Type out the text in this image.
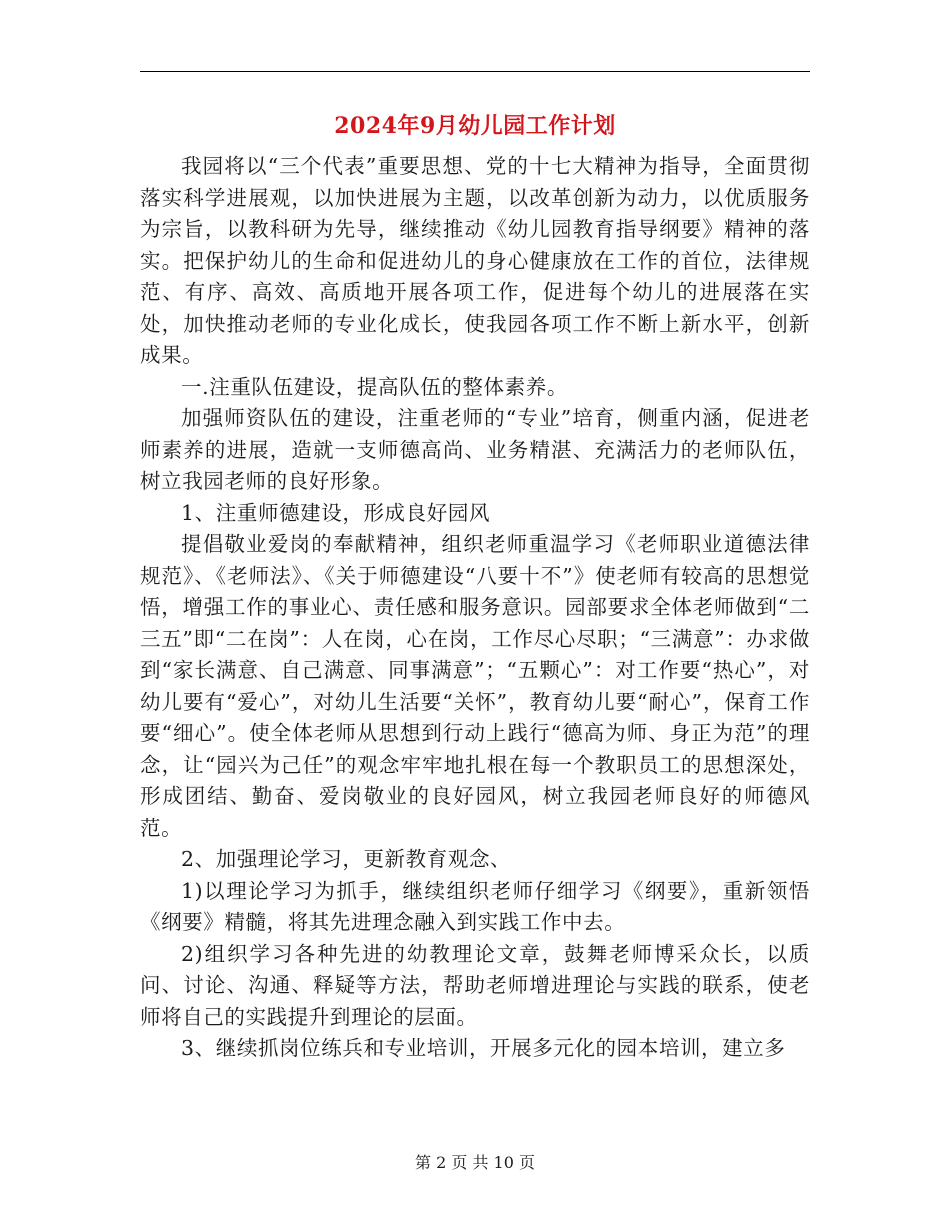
2024年9月幼儿园工作计划

我园将以“三个代表”重要思想、党的十七大精神为指导，全面贯彻落实科学进展观，以加快进展为主题，以改革创新为动力，以优质服务为宗旨，以教科研为先导，继续推动《幼儿园教育指导纲要》精神的落实。把保护幼儿的生命和促进幼儿的身心健康放在工作的首位，法律规范、有序、高效、高质地开展各项工作，促进每个幼儿的进展落在实处，加快推动老师的专业化成长，使我园各项工作不断上新水平，创新成果。

一.注重队伍建设，提高队伍的整体素养。

加强师资队伍的建设，注重老师的“专业”培育，侧重内涵，促进老师素养的进展，造就一支师德高尚、业务精湛、充满活力的老师队伍，树立我园老师的良好形象。

1、注重师德建设，形成良好园风

提倡敬业爱岗的奉献精神，组织老师重温学习《老师职业道德法律规范》、《老师法》、《关于师德建设“八要十不”》使老师有较高的思想觉悟，增强工作的事业心、责任感和服务意识。园部要求全体老师做到“二三五”即“二在岗”：人在岗，心在岗，工作尽心尽职；“三满意”：办求做到“家长满意、自己满意、同事满意”；“五颗心”：对工作要“热心”，对幼儿要有“爱心”，对幼儿生活要“关怀”，教育幼儿要“耐心”，保育工作要“细心”。使全体老师从思想到行动上践行“德高为师、身正为范”的理念，让“园兴为己任”的观念牢牢地扎根在每一个教职员工的思想深处，形成团结、勤奋、爱岗敬业的良好园风，树立我园老师良好的师德风范。

2、加强理论学习，更新教育观念、

1)以理论学习为抓手，继续组织老师仔细学习《纲要》，重新领悟《纲要》精髓，将其先进理念融入到实践工作中去。

2)组织学习各种先进的幼教理论文章，鼓舞老师博采众长，以质问、讨论、沟通、释疑等方法，帮助老师增进理论与实践的联系，使老师将自己的实践提升到理论的层面。

3、继续抓岗位练兵和专业培训，开展多元化的园本培训，建立多

第 2 页 共 10 页
